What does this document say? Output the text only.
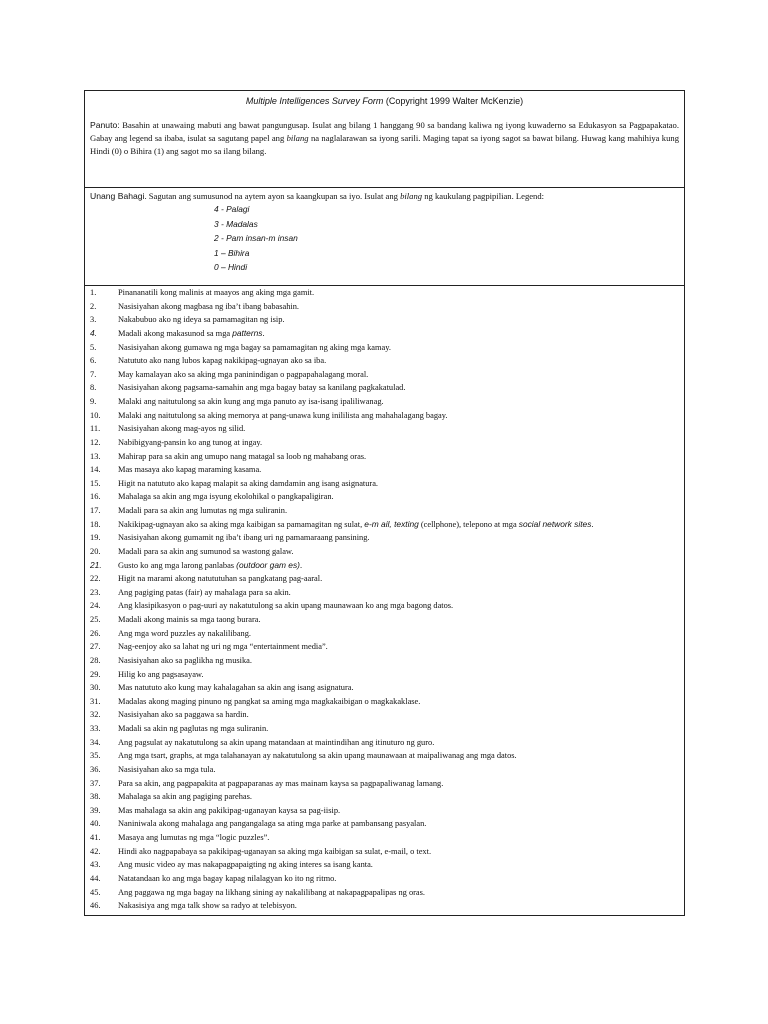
Multiple Intelligences Survey Form (Copyright 1999 Walter McKenzie)
Panuto: Basahin at unawaing mabuti ang bawat pangungusap. Isulat ang bilang 1 hanggang 90 sa bandang kaliwa ng iyong kuwaderno sa Edukasyon sa Pagpapakatao. Gabay ang legend sa ibaba, isulat sa sagutang papel ang bilang na naglalarawan sa iyong sarili. Maging tapat sa iyong sagot sa bawat bilang. Huwag kang mahihiya kung Hindi (0) o Bihira (1) ang sagot mo sa ilang bilang.
Unang Bahagi. Sagutan ang sumusunod na aytem ayon sa kaangkupan sa iyo. Isulat ang bilang ng kaukulang pagpipilian. Legend:
4 - Palagi
3 - Madalas
2 - Pam insan-m insan
1 – Bihira
0 – Hindi
1.	Pinananatili kong malinis at maayos ang aking mga gamit.
2.	Nasisiyahan akong magbasa ng iba’t ibang babasahin.
3.	Nakabubuo ako ng ideya sa pamamagitan ng isip.
4.	Madali akong makasunod sa mga patterns.
5.	Nasisiyahan akong gumawa ng mga bagay sa pamamagitan ng aking mga kamay.
6.	Natututo ako nang lubos kapag nakikipag-ugnayan ako sa iba.
7.	May kamalayan ako sa aking mga paninindigan o pagpapahalagang moral.
8.	Nasisiyahan akong pagsama-samahin ang mga bagay batay sa kanilang pagkakatulad.
9.	Malaki ang naitutulong sa akin kung ang mga panuto ay isa-isang ipaliliwanag.
10.	Malaki ang naitutulong sa aking memorya at pang-unawa kung inililista ang mahahalagang bagay.
11.	Nasisiyahan akong mag-ayos ng silid.
12.	Nabibigyang-pansin ko ang tunog at ingay.
13.	Mahirap para sa akin ang umupo nang matagal sa loob ng mahabang oras.
14.	Mas masaya ako kapag maraming kasama.
15.	Higit na natututo ako kapag malapit sa aking damdamin ang isang asignatura.
16.	Mahalaga sa akin ang mga isyung ekolohikal o pangkapaligiran.
17.	Madali para sa akin ang lumutas ng mga suliranin.
18.	Nakikipag-ugnayan ako sa aking mga kaibigan sa pamamagitan ng sulat, e-m ail, texting (cellphone), telepono at mga social network sites.
19.	Nasisiyahan akong gumamit ng iba’t ibang uri ng pamamaraang pansining.
20.	Madali para sa akin ang sumunod sa wastong galaw.
21.	Gusto ko ang mga larong panlabas (outdoor gam es).
22.	Higit na marami akong natututuhan sa pangkatang pag-aaral.
23.	Ang pagiging patas (fair) ay mahalaga para sa akin.
24.	Ang klasipikasyon o pag-uuri ay nakatutulong sa akin upang maunawaan ko ang mga bagong datos.
25.	Madali akong mainis sa mga taong burara.
26.	Ang mga word puzzles ay nakalilibang.
27.	Nag-eenjoy ako sa lahat ng uri ng mga “entertainment media”.
28.	Nasisiyahan ako sa paglikha ng musika.
29.	Hilig ko ang pagsasayaw.
30.	Mas natututo ako kung may kahalagahan sa akin ang isang asignatura.
31.	Madalas akong maging pinuno ng pangkat sa aming mga magkakaibigan o magkakaklase.
32.	Nasisiyahan ako sa paggawa sa hardin.
33.	Madali sa akin ng paglutas ng mga suliranin.
34.	Ang pagsulat ay nakatutulong sa akin upang matandaan at maintindihan ang itinuturo ng guro.
35.	Ang mga tsart, graphs, at mga talahanayan ay nakatutulong sa akin upang maunawaan at maipaliwanag ang mga datos.
36.	Nasisiyahan ako sa mga tula.
37.	Para sa akin, ang pagpapakita at pagpaparanas ay mas mainam kaysa sa pagpapaliwanag lamang.
38.	Mahalaga sa akin ang pagiging parehas.
39.	Mas mahalaga sa akin ang pakikipag-uganayan kaysa sa pag-iisip.
40.	Naniniwala akong mahalaga ang pangangalaga sa ating mga parke at pambansang pasyalan.
41.	Masaya ang lumutas ng mga “logic puzzles”.
42.	Hindi ako nagpapabaya sa pakikipag-uganayan sa aking mga kaibigan sa sulat, e-mail, o text.
43.	Ang music video ay mas nakapagpapaigting ng aking interes sa isang kanta.
44.	Natatandaan ko ang mga bagay kapag nilalagyan ko ito ng ritmo.
45.	Ang paggawa ng mga bagay na likhang sining ay nakalilibang at nakapagpapalipas ng oras.
46.	Nakasisiya ang mga talk show sa radyo at telebisyon.
